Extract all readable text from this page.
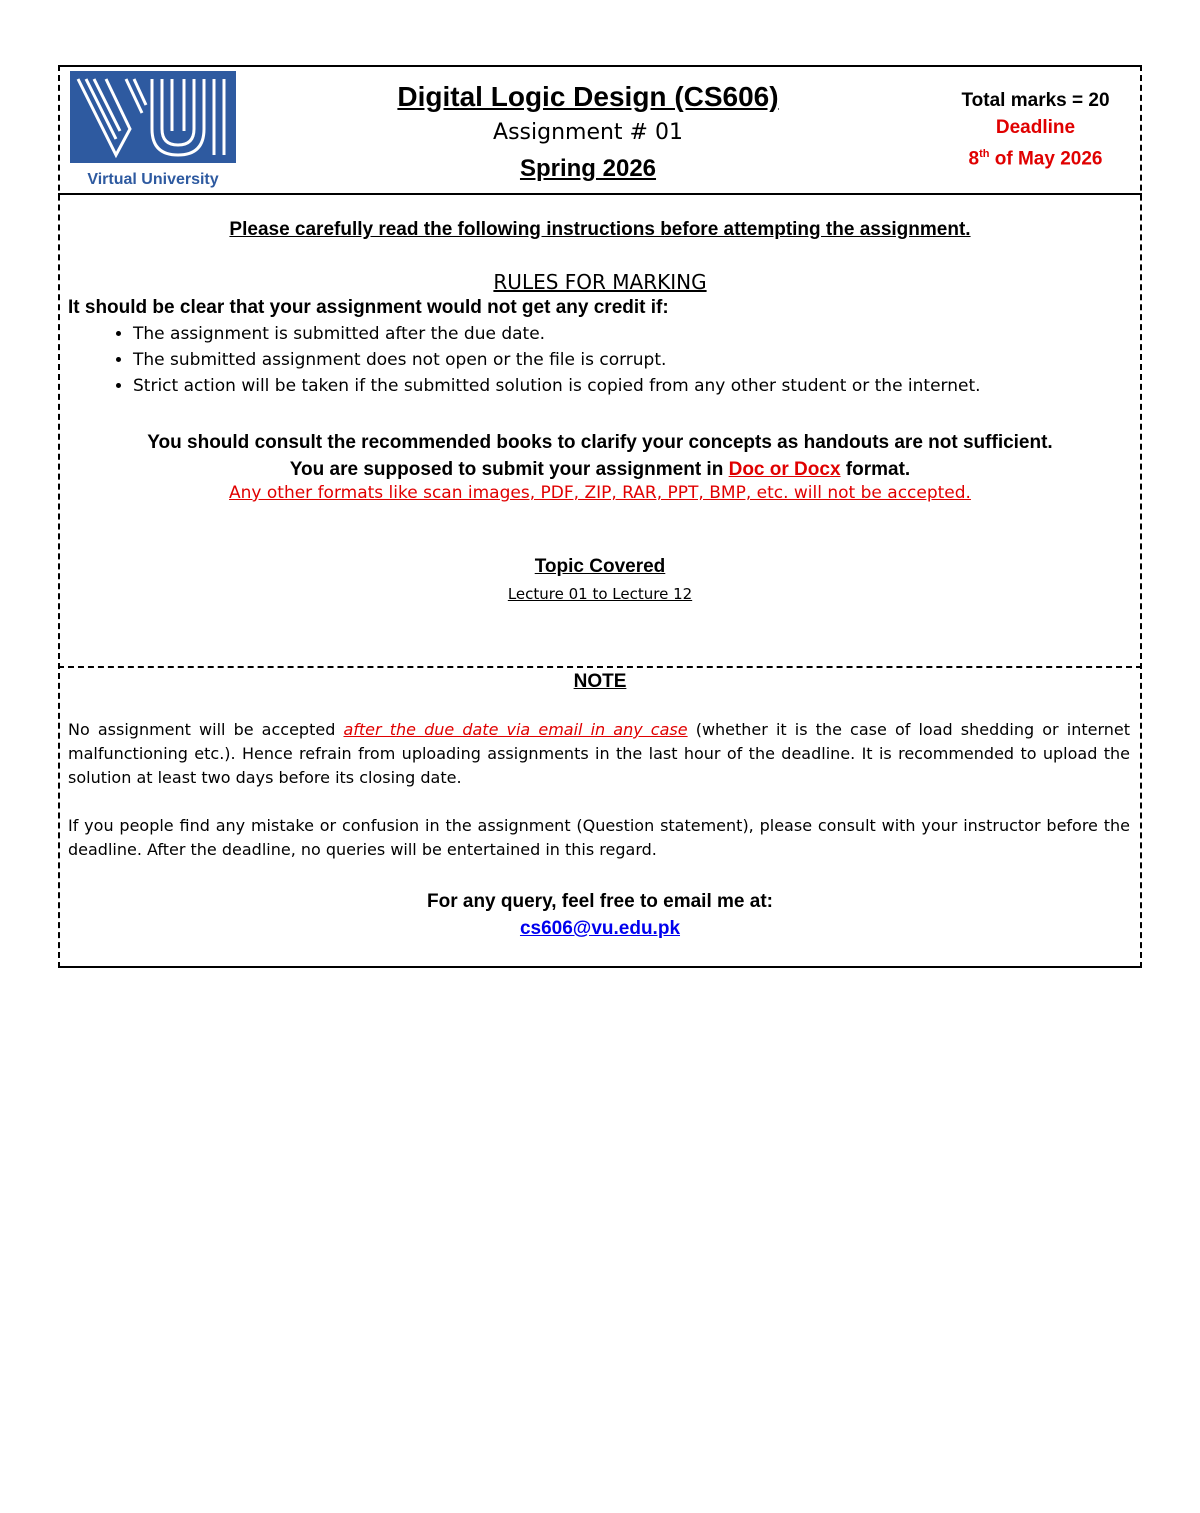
Virtual University
Digital Logic Design (CS606)
Assignment # 01
Spring 2026
Total marks = 20
Deadline
8th of May 2026
Please carefully read the following instructions before attempting the assignment.
RULES FOR MARKING
It should be clear that your assignment would not get any credit if:
• The assignment is submitted after the due date.
• The submitted assignment does not open or the file is corrupt.
• Strict action will be taken if the submitted solution is copied from any other student or the internet.
You should consult the recommended books to clarify your concepts as handouts are not sufficient.
You are supposed to submit your assignment in Doc or Docx format.
Any other formats like scan images, PDF, ZIP, RAR, PPT, BMP, etc. will not be accepted.
Topic Covered
Lecture 01 to Lecture 12
NOTE
No assignment will be accepted after the due date via email in any case (whether it is the case of load shedding or internet malfunctioning etc.). Hence refrain from uploading assignments in the last hour of the deadline. It is recommended to upload the solution at least two days before its closing date.
If you people find any mistake or confusion in the assignment (Question statement), please consult with your instructor before the deadline. After the deadline, no queries will be entertained in this regard.
For any query, feel free to email me at:
cs606@vu.edu.pk
